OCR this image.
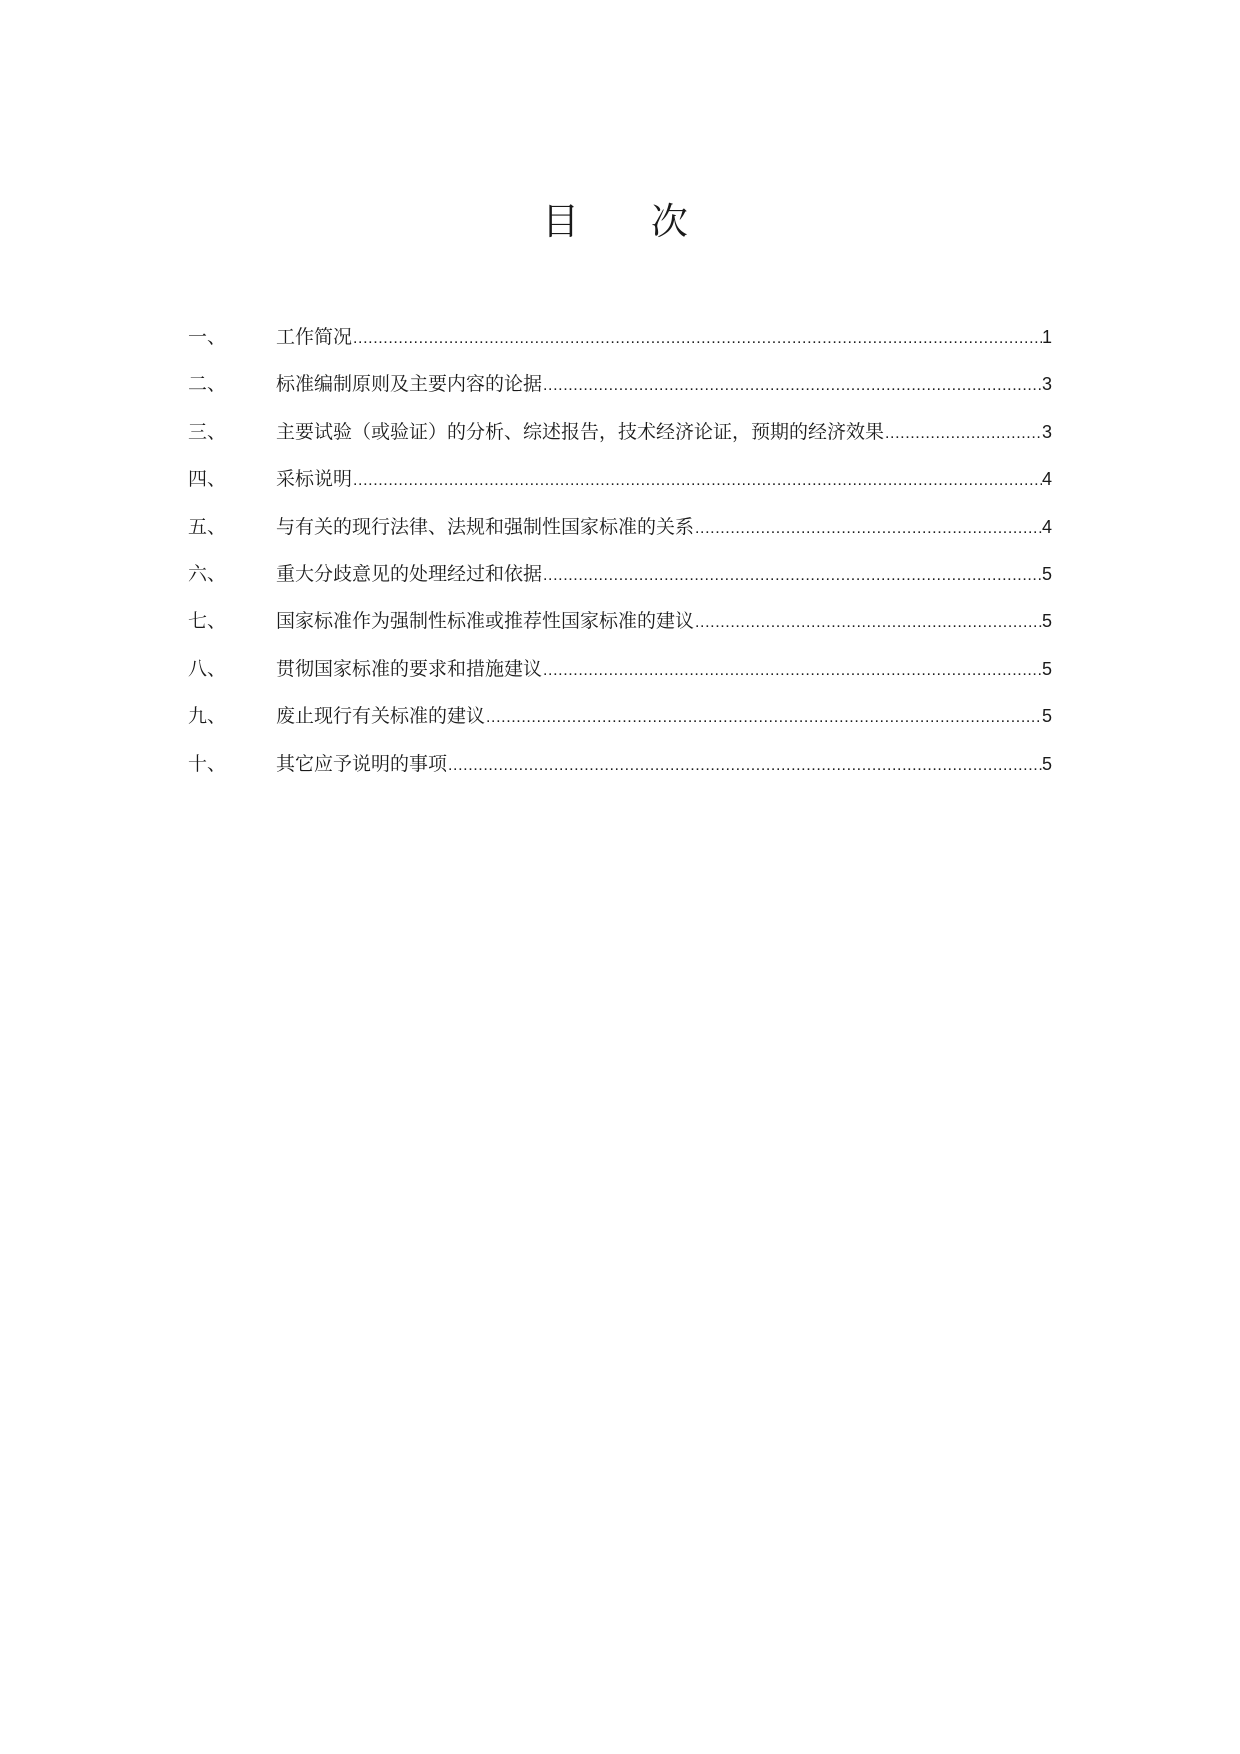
目 次
一、	工作简况 .....	1
二、	标准编制原则及主要内容的论据 .....	3
三、	主要试验（或验证）的分析、综述报告，技术经济论证，预期的经济效果 .....	3
四、	采标说明 .....	4
五、	与有关的现行法律、法规和强制性国家标准的关系 .....	4
六、	重大分歧意见的处理经过和依据 .....	5
七、	国家标准作为强制性标准或推荐性国家标准的建议 .....	5
八、	贯彻国家标准的要求和措施建议 .....	5
九、	废止现行有关标准的建议 .....	5
十、	其它应予说明的事项 .....	5
